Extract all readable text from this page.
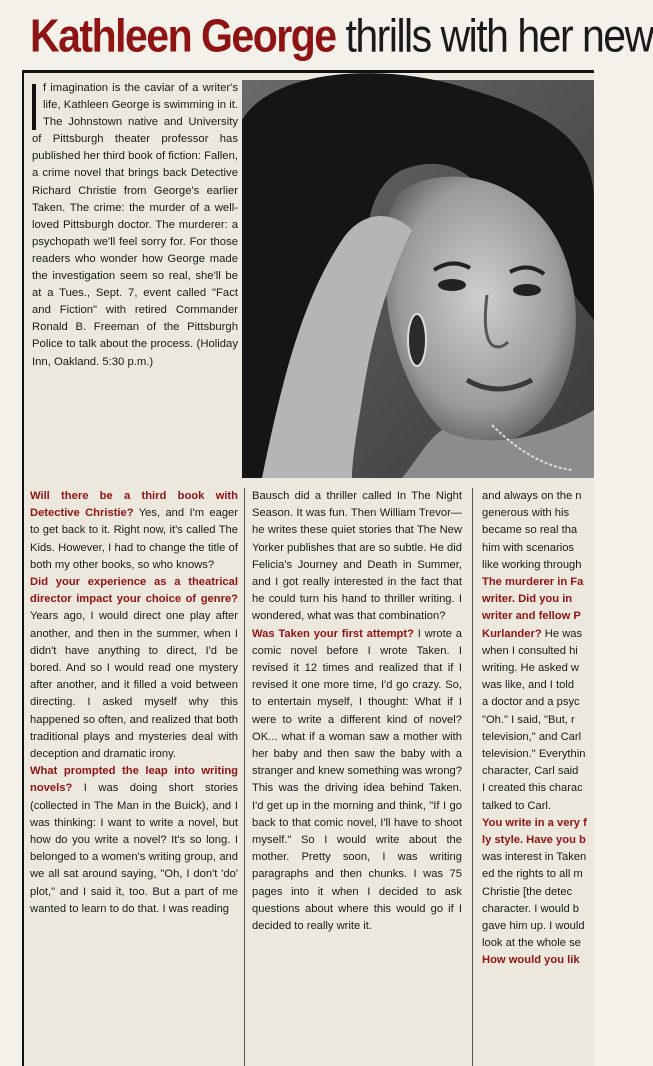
Kathleen George thrills with her new
f imagination is the caviar of a writer's life, Kathleen George is swimming in it. The Johnstown native and University of Pittsburgh theater professor has published her third book of fiction: Fallen, a crime novel that brings back Detective Richard Christie from George's earlier Taken. The crime: the murder of a well-loved Pittsburgh doctor. The murderer: a psychopath we'll feel sorry for. For those readers who wonder how George made the investigation seem so real, she'll be at a Tues., Sept. 7, event called "Fact and Fiction" with retired Commander Ronald B. Freeman of the Pittsburgh Police to talk about the process. (Holiday Inn, Oakland. 5:30 p.m.)

Will there be a third book with Detective Christie? Yes, and I'm eager to get back to it. Right now, it's called The Kids. However, I had to change the title of both my other books, so who knows?

Did your experience as a theatrical director impact your choice of genre? Years ago, I would direct one play after another, and then in the summer, when I didn't have anything to direct, I'd be bored. And so I would read one mystery after another, and it filled a void between directing. I asked myself why this happened so often, and realized that both traditional plays and mysteries deal with deception and dramatic irony.

What prompted the leap into writing novels? I was doing short stories (collected in The Man in the Buick), and I was thinking: I want to write a novel, but how do you write a novel? It's so long. I belonged to a women's writing group, and we all sat around saying, "Oh, I don't 'do' plot," and I said it, too. But a part of me wanted to learn to do that. I was reading

Bausch did a thriller called In The Night Season. It was fun. Then William Trevor—he writes these quiet stories that The New Yorker publishes that are so subtle. He did Felicia's Journey and Death in Summer, and I got really interested in the fact that he could turn his hand to thriller writing. I wondered, what was that combination?

Was Taken your first attempt? I wrote a comic novel before I wrote Taken. I revised it 12 times and realized that if I revised it one more time, I'd go crazy. So, to entertain myself, I thought: What if I were to write a different kind of novel? OK... what if a woman saw a mother with her baby and then saw the baby with a stranger and knew something was wrong? This was the driving idea behind Taken. I'd get up in the morning and think, "If I go back to that comic novel, I'll have to shoot myself." So I would write about the mother. Pretty soon, I was writing paragraphs and then chunks. I was 75 pages into it when I decided to ask questions about where this would go if I decided to really write it.

and always on the n
generous with his
became so real tha
him with scenarios
like working through
The murderer in Fa
writer. Did you in
writer and fellow P
Kurlander? He was
when I consulted hi
writing. He asked w
was like, and I told
a doctor and a psyc
"Oh." I said, "But, r
television," and Carl
television." Everythin
character, Carl said
I created this charac
talked to Carl.
You write in a very f
ly style. Have you b
was interest in Taken
ed the rights to all m
Christie [the detec
character. I would b
gave him up. I would
look at the whole se
How would you lik
